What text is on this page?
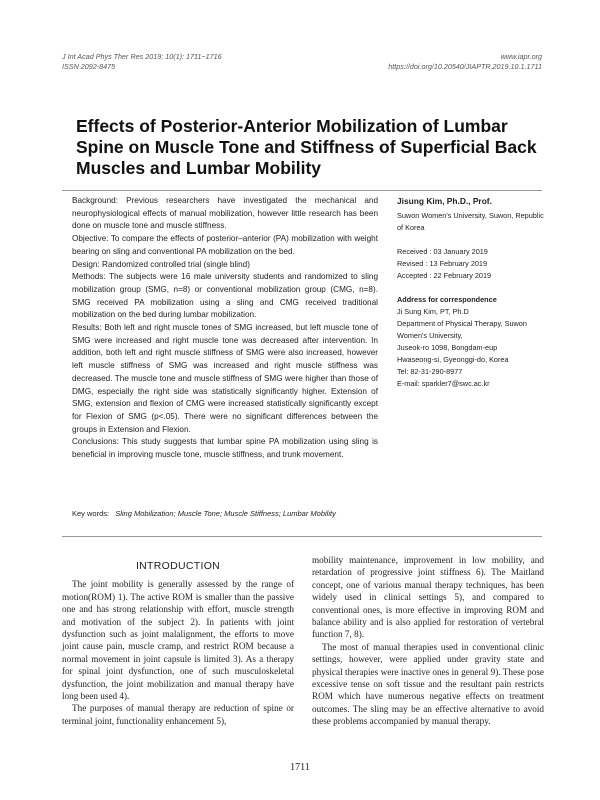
J Int Acad Phys Ther Res 2019; 10(1): 1711~1716
ISSN 2092-8475
www.iapr.org
https://doi.org/10.20540/JIAPTR.2019.10.1.1711
Effects of Posterior-Anterior Mobilization of Lumbar Spine on Muscle Tone and Stiffness of Superficial Back Muscles and Lumbar Mobility

Background: Previous researchers have investigated the mechanical and neurophysiological effects of manual mobilization, however little research has been done on muscle tone and muscle stiffness.

Objective: To compare the effects of posterior–anterior (PA) mobilization with weight bearing on sling and conventional PA mobilization on the bed.

Design: Randomized controlled trial (single blind)

Methods: The subjects were 16 male university students and randomized to sling mobilization group (SMG, n=8) or conventional mobilization group (CMG, n=8). SMG received PA mobilization using a sling and CMG received traditional mobilization on the bed during lumbar mobilization.

Results: Both left and right muscle tones of SMG increased, but left muscle tone of SMG were increased and right muscle tone was decreased after intervention. In addition, both left and right muscle stiffness of SMG were also increased, however left muscle stiffness of SMG was increased and right muscle stiffness was decreased. The muscle tone and muscle stiffness of SMG were higher than those of DMG, especially the right side was statistically significantly higher. Extension of SMG, extension and flexion of CMG were increased statistically significantly except for Flexion of SMG (p<.05). There were no significant differences between the groups in Extension and Flexion.

Conclusions: This study suggests that lumbar spine PA mobilization using sling is beneficial in improving muscle tone, muscle stiffness, and trunk movement.

Jisung Kim, Ph.D., Prof.
Suwon Women's University, Suwon, Republic of Korea

Received : 03 January 2019

Revised : 13 February 2019

Accepted : 22 February 2019

Address for correspondence

Ji Sung Kim, PT, Ph.D

Department of Physical Therapy, Suwon Women's University,

Juseok-ro 1098, Bongdam-eup

Hwaseong-si, Gyeonggi-do, Korea

Tel: 82-31-290-8977

E-mail: sparkler7@swc.ac.kr

Key words: Sling Mobilization; Muscle Tone; Muscle Stiffness; Lumbar Mobility
INTRODUCTION

The joint mobility is generally assessed by the range of motion(ROM) 1). The active ROM is smaller than the passive one and has strong relationship with effort, muscle strength and motivation of the subject 2). In patients with joint dysfunction such as joint malalignment, the efforts to move joint cause pain, muscle cramp, and restrict ROM because a normal movement in joint capsule is limited 3). As a therapy for spinal joint dysfunction, one of such musculoskeletal dysfunction, the joint mobilization and manual therapy have long been used 4).

The purposes of manual therapy are reduction of spine or terminal joint, functionality enhancement 5),

mobility maintenance, improvement in low mobility, and retardation of progressive joint stiffness 6). The Maitland concept, one of various manual therapy techniques, has been widely used in clinical settings 5), and compared to conventional ones, is more effective in improving ROM and balance ability and is also applied for restoration of vertebral function 7, 8).

The most of manual therapies used in conventional clinic settings, however, were applied under gravity state and physical therapies were inactive ones in general 9). These pose excessive tense on soft tissue and the resultant pain restricts ROM which have numerous negative effects on treatment outcomes. The sling may be an effective alternative to avoid these problems accompanied by manual therapy.

1711
